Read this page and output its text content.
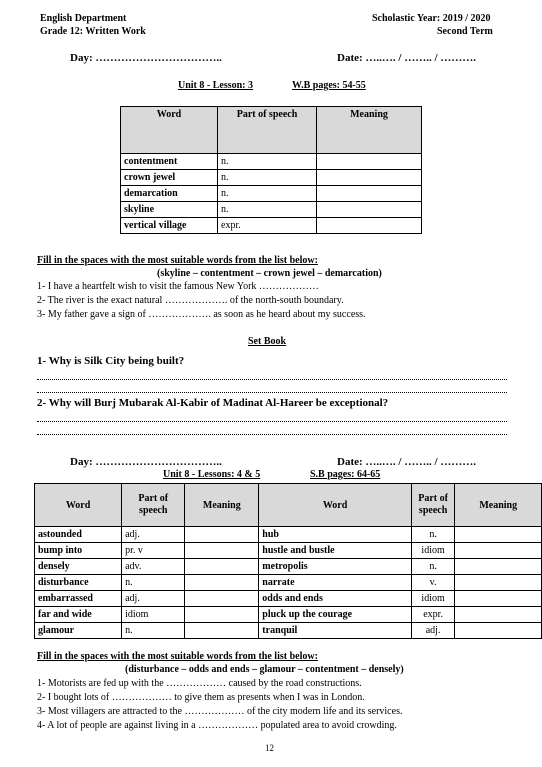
English Department
Grade 12: Written Work
Scholastic Year: 2019 / 2020
Second Term
Day: ……………………………..	Date: …..…. / …….. / ……….
Unit 8 - Lesson: 3	W.B pages: 54-55
Word	Part of speech	Meaning
contentment	n.	
crown jewel	n.	
demarcation	n.	
skyline	n.	
vertical village	expr.	
Fill in the spaces with the most suitable words from the list below:
(skyline – contentment – crown jewel – demarcation)
1- I have a heartfelt wish to visit the famous New York ………………
2- The river is the exact natural ………………. of the north-south boundary.
3- My father gave a sign of ………………. as soon as he heard about my success.
Set Book
1- Why is Silk City being built?
2- Why will Burj Mubarak Al-Kabir of Madinat Al-Hareer be exceptional?
Day: ……………………………..	Date: …..…. / …….. / ……….
Unit 8 - Lessons: 4 & 5	S.B pages: 64-65
Word	Part of speech	Meaning	Word	Part of speech	Meaning
astounded	adj.		hub	n.	
bump into	pr. v		hustle and bustle	idiom	
densely	adv.		metropolis	n.	
disturbance	n.		narrate	v.	
embarrassed	adj.		odds and ends	idiom	
far and wide	idiom		pluck up the courage	expr.	
glamour	n.		tranquil	adj.	
Fill in the spaces with the most suitable words from the list below:
(disturbance – odds and ends – glamour – contentment – densely)
1- Motorists are fed up with the ……………… caused by the road constructions.
2- I bought lots of ……………… to give them as presents when I was in London.
3- Most villagers are attracted to the ……………… of the city modern life and its services.
4- A lot of people are against living in a ……………… populated area to avoid crowding.
12
